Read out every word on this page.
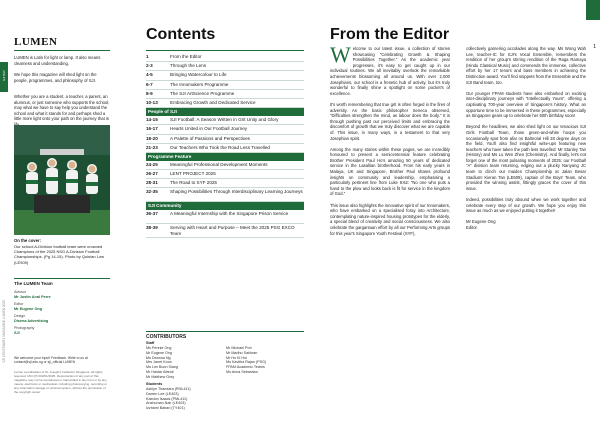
SJI BAY
SJI CENTENARY MAGAZINE LUMEN 2025
LUMEN

LUMEN is Latin for light or lamp. It also means clearness and understanding.

We hope this magazine will shed light on the people, programmes, and philosophy of SJI.

Whether you are a student, a teacher, a parent, an alumnus, or just someone who supports the school, may what we have to say help you understand the school and what it stands for and perhaps shed a little more light onto your path on the journey that is

On the cover:

Our school A-Division football team were crowned Champions of the 2025 NSG A-Division Football Championships. (Pg 14-15). Photo by Quinlan Low (LE509)

The LUMEN Team
Advisor
Mr Justin Anal Perre
Editor
Mr Eugene Ong
Design
Disena Advertising
Photography
SJI

We welcome your input! Feedback. Write to us at contact@sji.edu.sg or sji_official LUMEN

Lumen a publication of St. Joseph's Institution Singapore. All rights reserved. MCI (P) 002/01/2025. Reproduction of any part of this magazine may not be reproduced or transmitted in any form or by any means, electronic or mechanical, including photocopying, recording or any information storage or retrieval system, without the permission of the copyright owner.

Contents
1	From the Editor
2-3	Through the Lens
4-5	Bringing Watercolour to Life
6-7	The Innomakers Programme
8-9	The SJI ArtScience Programme
10-13	Embracing Growth and Dedicated Service
People of SJI
14-15	SJI Football: A Season Written in Grit Unity and Glory
16-17	Hearts United in Our Football Journey
18-20	A Palette of Passions and Perspectives
21-23	Our Teachers Who Took the Road Less Travelled
Programme Feature
24-25	Meaningful Professional Development Moments
26-27	LENT PROJECT 2025
28-31	The Road to SYF 2025
32-35	Shaping Possibilities Through Interdisciplinary Learning Journeys
SJI Community
36-37	A Meaningful Internship with the Singapore Prison Service
38-39	Serving with Heart and Purpose – Meet the 2025 PSG EXCO Team
CONTRIBUTORS
Staff
Ms Pennie Ong
Mr Eugene Ong
Ms Deanna Ng
Mrs Janet Koon
Ms Lim Boon Siang
Mr Haidar Afandi
Mr Matthew Grey
Mr Michael Poh
Mr Madhu Sakhran
Mr Ho Ki Hui
Ms Kavitha Rajan (PSG)
FPAM Academic Teams
Ms Anna Sebastian
Students
Ashlyn Tirandara (PML411)
Darren Lee (LE403)
Kaedon Isaacs (PML411)
Anshuman Nair (LE403)
Izzhami Bahari (TY401)
From the Editor
1

Welcome to our latest issue, a collection of stories showcasing "Celebrating Growth & Shaping Possibilities Together." As the academic year progresses, it's easy to get caught up in our individual routines. We all inevitably overlook the remarkable achievements blossoming all around us. With over 2,000 Josephians, our school is a frenetic hub of activity, but it's truly wonderful to finally shine a spotlight on some pocket's of excellence.

It's worth remembering that true grit is often forged in the fires of adversity. As the basic philosopher Seneca observed, "Difficulties strengthen the mind, as labour does the body." It is through pushing past our perceived limits and embracing the discomfort of growth that we truly discover what we are capable of. This issue, in many ways, is a testament to that very Josephian spirit.

Among the many stories within these pages, we are incredibly honoured to present a semicentennial feature celebrating Brother President Paul Ho's amazing 50 years of dedicated service in the Lasallian brotherhood. From his early years in Malaya, UK and Singapore, Brother Paul shares profound insights on community and leadership, emphasising a particularly pertinent line from Luke 9:62: "No one who puts a hand to the plow and looks back is fit for service in the kingdom of God."

This issue also highlights the innovative spirit of our Innomakers, who have embarked on a specialised foray into Architecture, contemplating nature-inspired housing prototypes for the elderly, a special blend of creativity and social consciousness. We also celebrate the gargantuan effort by all our Performing Arts groups for this year's Singapore Youth Festival (SYF),

collectively garnering accolades along the way. Ms Wong Wah Lee, teacher-IC for SJI's Vocal Ensemble, remembers the rendition of her group's stirring rendition of the Raga Ramaya (Hindu Classical Music) and commends the immense, collective effort by her 17 tenors and bass members in achieving the Distinction award. You'll find snippets from the Ensemble and the SJI Band team, too.

Our younger FPAM students have also embarked on exciting inter-disciplinary journeys with "Intellectually Yours", offering a captivating 700-year overview of Singapore's history. What an opportune time to be immersed in these programmes, especially as Singapore gears up to celebrate her 60th birthday soon!

Beyond the headlines, we also shed light on our tenacious SJI Girls Football Team, those green-and-white hoops you occasionally spot from afar on Balmoral Hill 28 degree days on the field. You'll also find insightful write-ups featuring new teachers who have taken the path less travelled: Mr Stanley Tan (History) and Ms Lu Wen Zhen (Chemistry). And finally, let's not forget one of the most pulsating moments of 2025: our Football "A" division team returning, edging out a plucky Nanyang JC team to clinch our maiden Championship at Jalan Besar Stadium! Kieran Tan (LE609), captain of the Boys' Team, who provided the winning assist, fittingly graces the cover of this issue.

Indeed, possibilities truly abound when we work together and celebrate every step of our growth. We hope you enjoy this issue as much as we enjoyed putting it together!

Mr Eugene Ong

Editor
